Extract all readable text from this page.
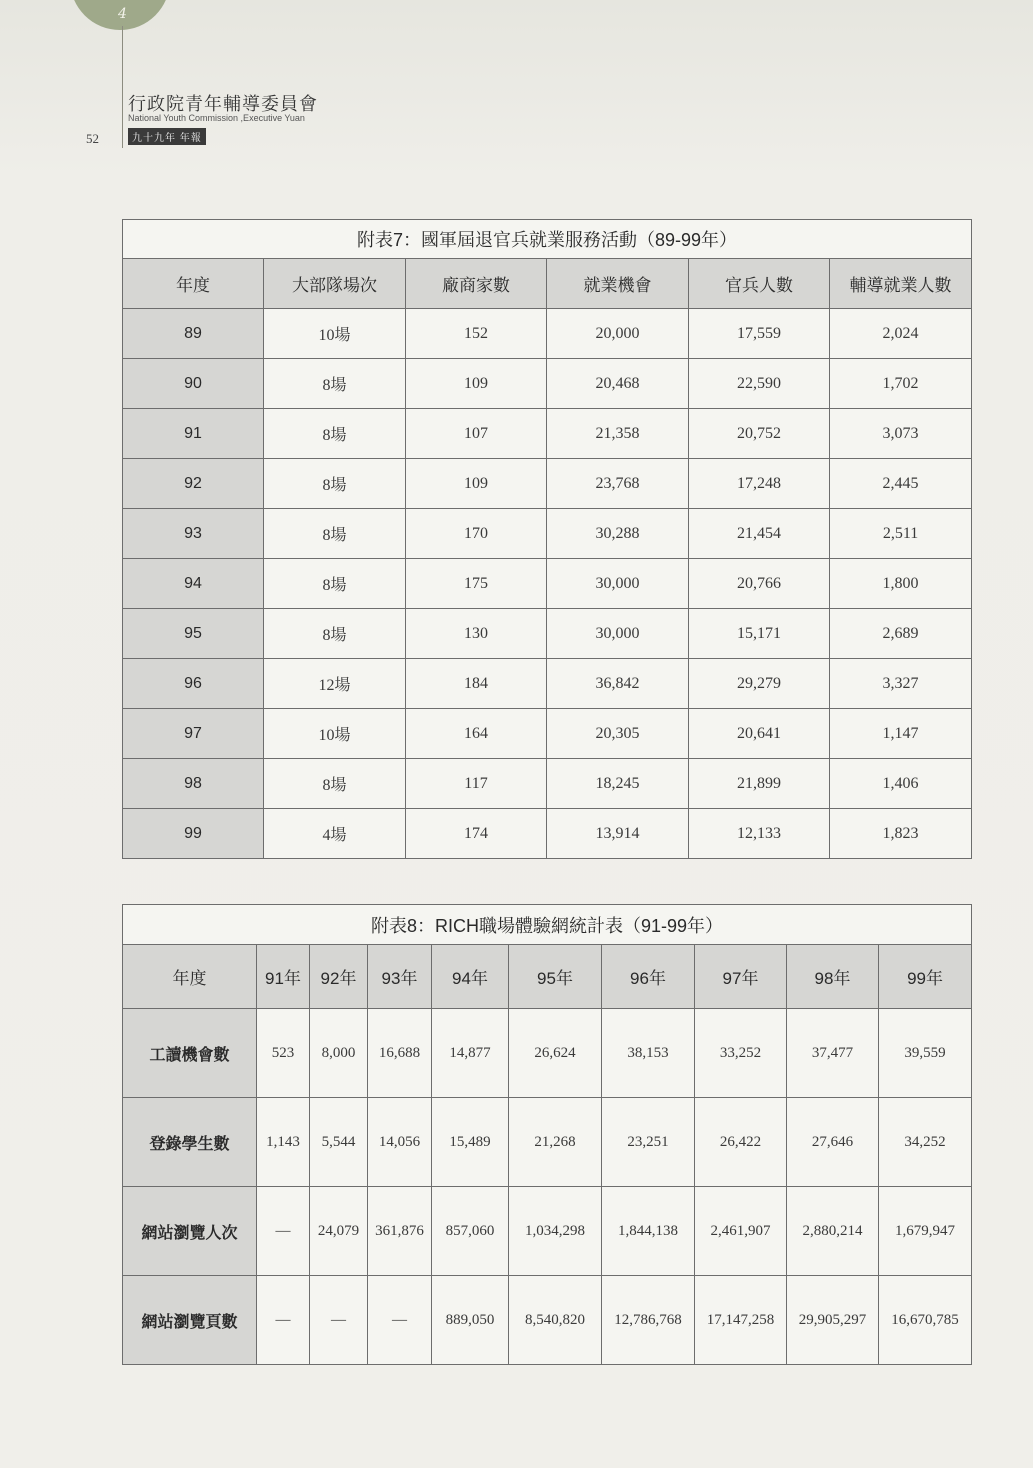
4
行政院青年輔導委員會
National Youth Commission ,Executive Yuan
九十九年 年報
52
附表7：國軍屆退官兵就業服務活動（89-99年）					
年度	大部隊場次	廠商家數	就業機會	官兵人數	輔導就業人數
89	10場	152	20,000	17,559	2,024
90	8場	109	20,468	22,590	1,702
91	8場	107	21,358	20,752	3,073
92	8場	109	23,768	17,248	2,445
93	8場	170	30,288	21,454	2,511
94	8場	175	30,000	20,766	1,800
95	8場	130	30,000	15,171	2,689
96	12場	184	36,842	29,279	3,327
97	10場	164	20,305	20,641	1,147
98	8場	117	18,245	21,899	1,406
99	4場	174	13,914	12,133	1,823
附表8：RICH職場體驗網統計表（91-99年）									
年度	91年	92年	93年	94年	95年	96年	97年	98年	99年
工讀機會數	523	8,000	16,688	14,877	26,624	38,153	33,252	37,477	39,559
登錄學生數	1,143	5,544	14,056	15,489	21,268	23,251	26,422	27,646	34,252
網站瀏覽人次	—	24,079	361,876	857,060	1,034,298	1,844,138	2,461,907	2,880,214	1,679,947
網站瀏覽頁數	—	—	—	889,050	8,540,820	12,786,768	17,147,258	29,905,297	16,670,785
